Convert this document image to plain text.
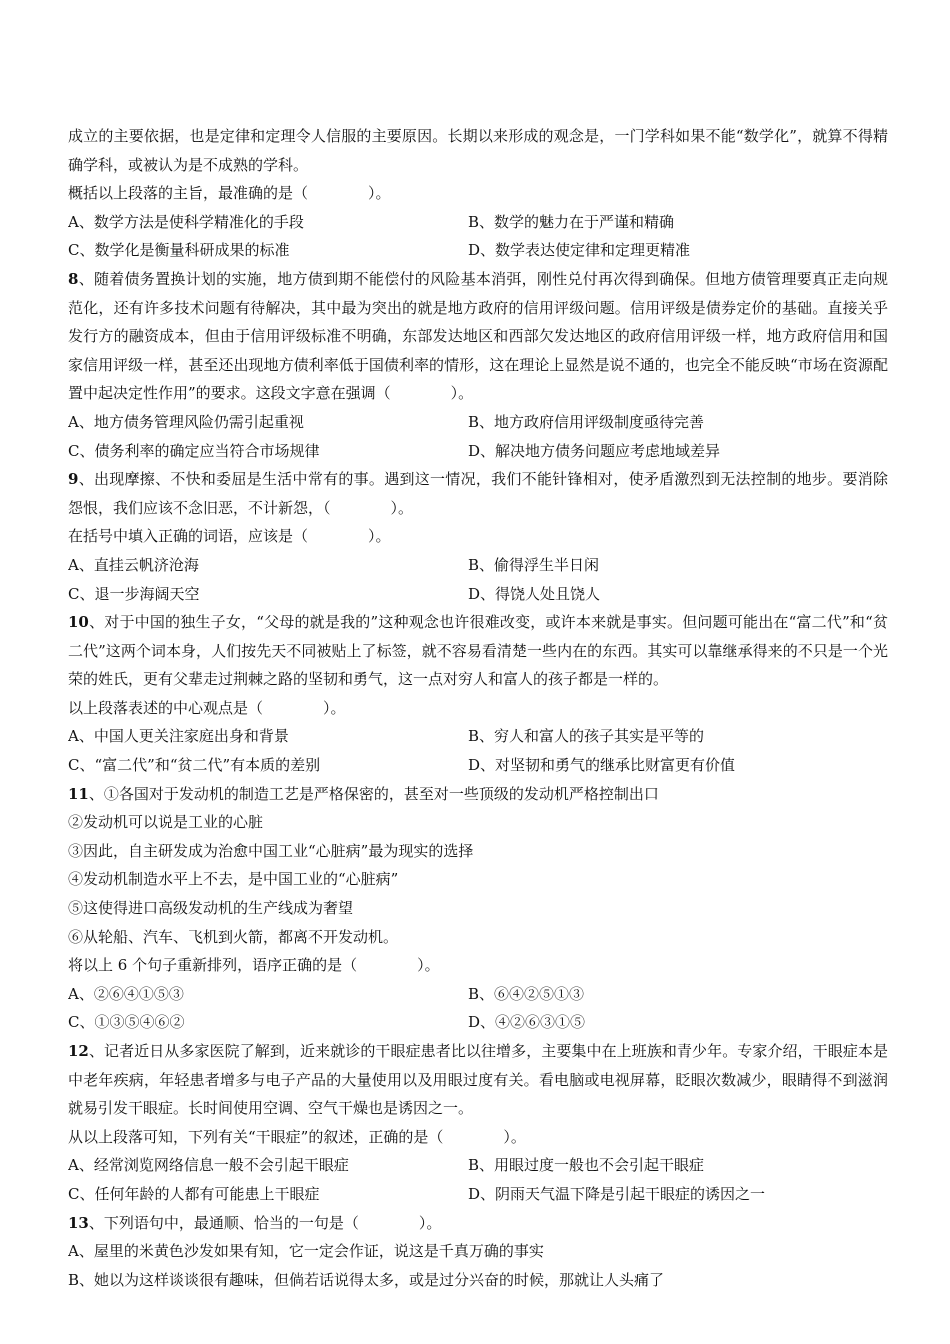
成立的主要依据，也是定律和定理令人信服的主要原因。长期以来形成的观念是，一门学科如果不能“数学化”，就算不得精确学科，或被认为是不成熟的学科。

概括以上段落的主旨，最准确的是（　　　　）。

A、数学方法是使科学精准化的手段	B、数学的魅力在于严谨和精确
C、数学化是衡量科研成果的标准	D、数学表达使定律和定理更精准

8、随着债务置换计划的实施，地方债到期不能偿付的风险基本消弭，刚性兑付再次得到确保。但地方债管理要真正走向规范化，还有许多技术问题有待解决，其中最为突出的就是地方政府的信用评级问题。信用评级是债券定价的基础。直接关乎发行方的融资成本，但由于信用评级标准不明确，东部发达地区和西部欠发达地区的政府信用评级一样，地方政府信用和国家信用评级一样，甚至还出现地方债利率低于国债利率的情形，这在理论上显然是说不通的，也完全不能反映“市场在资源配置中起决定性作用”的要求。这段文字意在强调（　　　　）。

A、地方债务管理风险仍需引起重视	B、地方政府信用评级制度亟待完善
C、债务利率的确定应当符合市场规律	D、解决地方债务问题应考虑地域差异

9、出现摩擦、不快和委屈是生活中常有的事。遇到这一情况，我们不能针锋相对，使矛盾激烈到无法控制的地步。要消除怨恨，我们应该不念旧恶，不计新怨，（　　　　）。

在括号中填入正确的词语，应该是（　　　　）。

A、直挂云帆济沧海	B、偷得浮生半日闲
C、退一步海阔天空	D、得饶人处且饶人

10、对于中国的独生子女，“父母的就是我的”这种观念也许很难改变，或许本来就是事实。但问题可能出在“富二代”和“贫二代”这两个词本身，人们按先天不同被贴上了标签，就不容易看清楚一些内在的东西。其实可以靠继承得来的不只是一个光荣的姓氏，更有父辈走过荆棘之路的坚韧和勇气，这一点对穷人和富人的孩子都是一样的。

以上段落表述的中心观点是（　　　　）。

A、中国人更关注家庭出身和背景	B、穷人和富人的孩子其实是平等的
C、“富二代”和“贫二代”有本质的差别	D、对坚韧和勇气的继承比财富更有价值

11、①各国对于发动机的制造工艺是严格保密的，甚至对一些顶级的发动机严格控制出口

②发动机可以说是工业的心脏

③因此，自主研发成为治愈中国工业“心脏病”最为现实的选择

④发动机制造水平上不去，是中国工业的“心脏病”

⑤这使得进口高级发动机的生产线成为奢望

⑥从轮船、汽车、飞机到火箭，都离不开发动机。

将以上 6 个句子重新排列，语序正确的是（　　　　）。

A、②⑥④①⑤③	B、⑥④②⑤①③
C、①③⑤④⑥②	D、④②⑥③①⑤

12、记者近日从多家医院了解到，近来就诊的干眼症患者比以往增多，主要集中在上班族和青少年。专家介绍，干眼症本是中老年疾病，年轻患者增多与电子产品的大量使用以及用眼过度有关。看电脑或电视屏幕，眨眼次数减少，眼睛得不到滋润就易引发干眼症。长时间使用空调、空气干燥也是诱因之一。

从以上段落可知，下列有关“干眼症”的叙述，正确的是（　　　　）。

A、经常浏览网络信息一般不会引起干眼症	B、用眼过度一般也不会引起干眼症
C、任何年龄的人都有可能患上干眼症	D、阴雨天气温下降是引起干眼症的诱因之一

13、下列语句中，最通顺、恰当的一句是（　　　　）。

A、屋里的米黄色沙发如果有知，它一定会作证，说这是千真万确的事实
B、她以为这样谈谈很有趣味，但倘若话说得太多，或是过分兴奋的时候，那就让人头痛了
